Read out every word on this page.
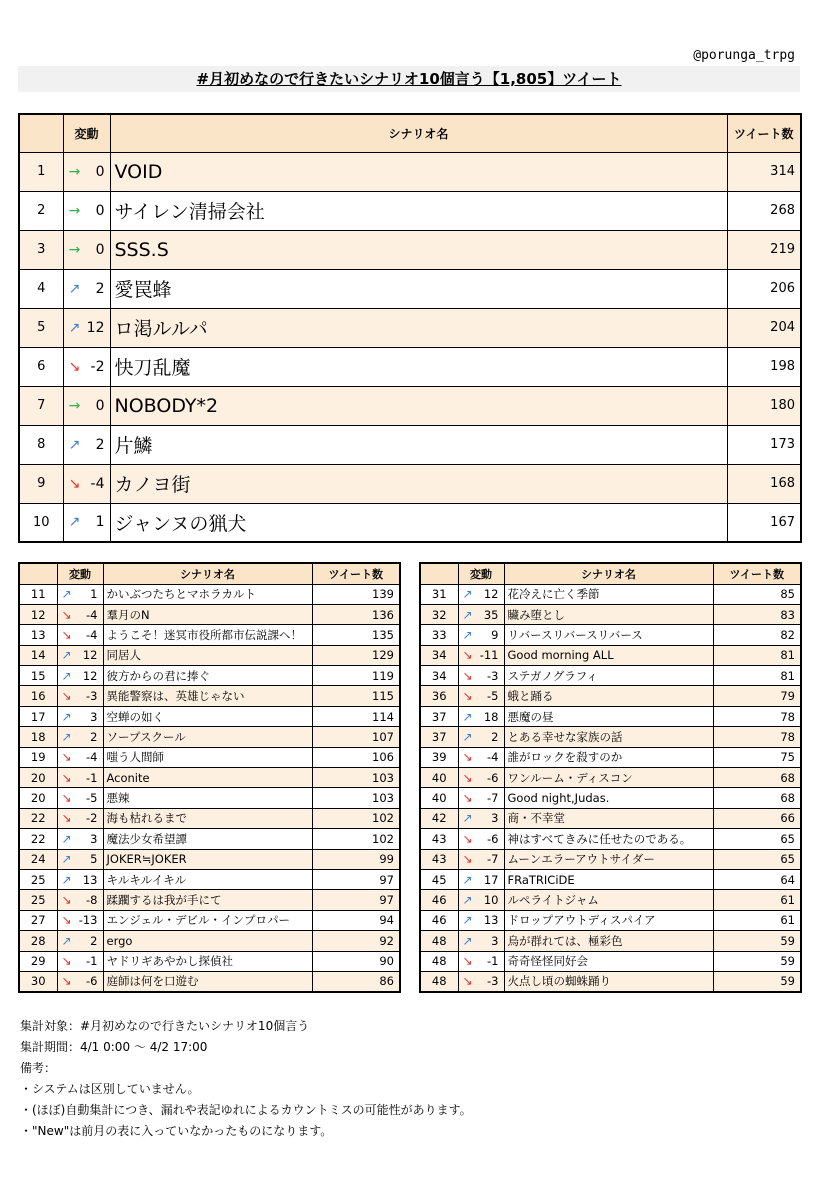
@porunga_trpg
#月初めなので行きたいシナリオ10個言う【1,805】ツイート
	変動	シナリオ名	ツイート数
1	→ 0	VOID	314
2	→ 0	サイレン清掃会社	268
3	→ 0	SSS.S	219
4	↗ 2	愛罠蜂	206
5	↗ 12	ロ渇ルルパ	204
6	↘ -2	快刀乱魔	198
7	→ 0	NOBODY*2	180
8	↗ 2	片鱗	173
9	↘ -4	カノヨ街	168
10	↗ 1	ジャンヌの猟犬	167
	変動	シナリオ名	ツイート数
11	↗ 1	かいぶつたちとマホラカルト	139
12	↘ -4	羣月のN	136
13	↘ -4	ようこそ！迷冥市役所都市伝説課へ！	135
14	↗ 12	同居人	129
15	↗ 12	彼方からの君に捧ぐ	119
16	↘ -3	異能警察は、英雄じゃない	115
17	↗ 3	空蝉の如く	114
18	↗ 2	ソープスクール	107
19	↘ -4	嗤う人間師	106
20	↘ -1	Aconite	103
20	↘ -5	悪辣	103
22	↘ -2	海も枯れるまで	102
22	↗ 3	魔法少女希望譚	102
24	↗ 5	JOKER≒JOKER	99
25	↗ 13	キルキルイキル	97
25	↘ -8	蹂躙するは我が手にて	97
27	↘ -13	エンジェル・デビル・インプロパー	94
28	↗ 2	ergo	92
29	↘ -1	ヤドリギあやかし探偵社	90
30	↘ -6	庭師は何を口遊む	86
	変動	シナリオ名	ツイート数
31	↗ 12	花冷えに亡く季節	85
32	↗ 35	贜み堕とし	83
33	↗ 9	リバースリバースリバース	82
34	↘ -11	Good morning ALL	81
34	↘ -3	ステガノグラフィ	81
36	↘ -5	蛾と踊る	79
37	↗ 18	悪魔の昼	78
37	↗ 2	とある幸せな家族の話	78
39	↘ -4	誰がロックを殺すのか	75
40	↘ -6	ワンルーム・ディスコン	68
40	↘ -7	Good night,Judas.	68
42	↗ 3	商・不幸堂	66
43	↘ -6	神はすべてきみに任せたのである。	65
43	↘ -7	ムーンエラーアウトサイダー	65
45	↗ 17	FRaTRICiDE	64
46	↗ 10	ルペライトジャム	61
46	↗ 13	ドロップアウトディスパイア	61
48	↗ 3	烏が群れては、極彩色	59
48	↘ -1	奇奇怪怪同好会	59
48	↘ -3	火点し頃の蜘蛛踊り	59

集計対象：#月初めなので行きたいシナリオ10個言う

集計期間：4/1 0:00 ～ 4/2 17:00

備考：

・システムは区別していません。

・(ほぼ)自動集計につき、漏れや表記ゆれによるカウントミスの可能性があります。

・"New"は前月の表に入っていなかったものになります。
